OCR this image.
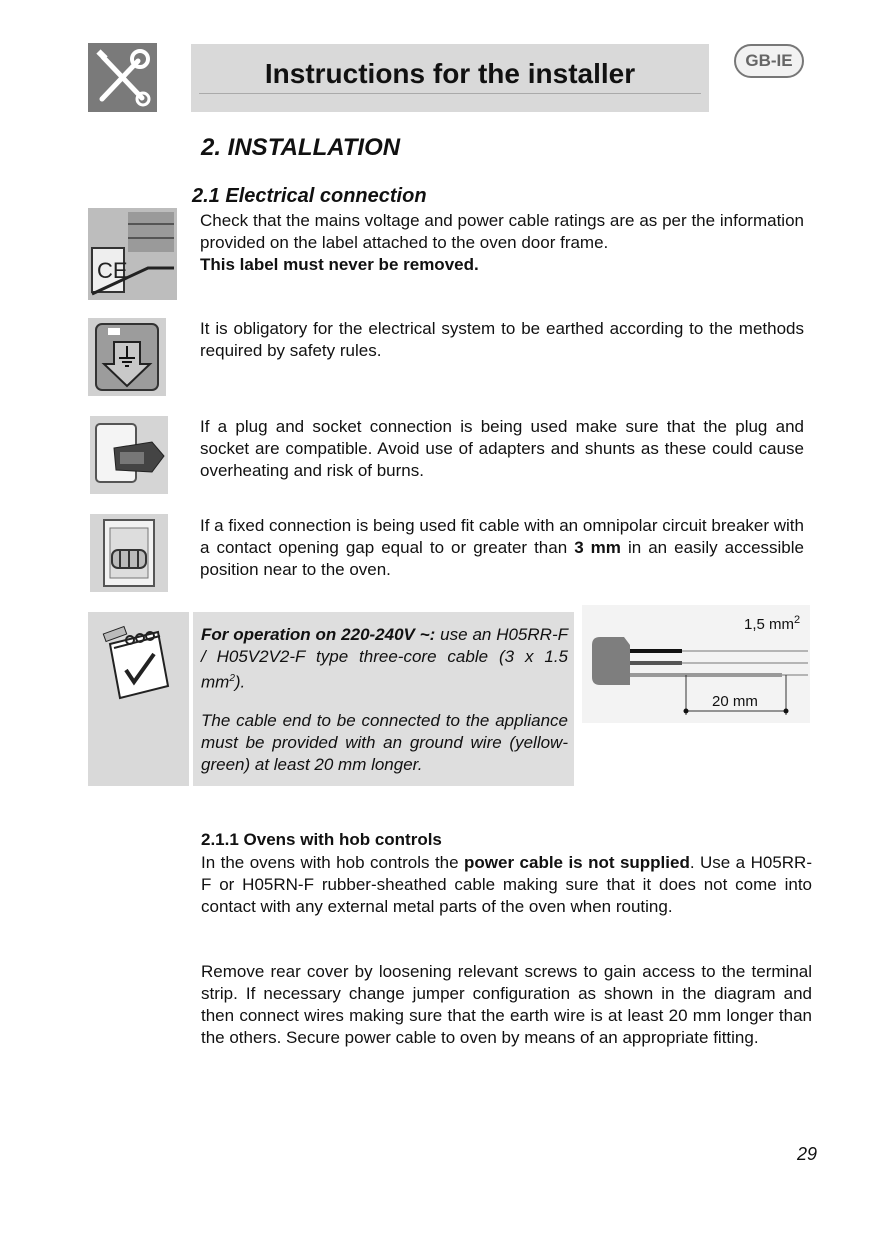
Instructions for the installer	GB-IE
2. INSTALLATION
2.1 Electrical connection
CE
Check that the mains voltage and power cable ratings are as per the information provided on the label attached to the oven door frame.
This label must never be removed.
It is obligatory for the electrical system to be earthed according to the methods required by safety rules.
If a plug and socket connection is being used make sure that the plug and socket are compatible. Avoid use of adapters and shunts as these could cause overheating and risk of burns.
If a fixed connection is being used fit cable with an omnipolar circuit breaker with a contact opening gap equal to or greater than 3 mm in an easily accessible position near to the oven.
For operation on 220-240V ~: use an H05RR-F / H05V2V2-F type three-core cable (3 x 1.5 $mm^2$).
The cable end to be connected to the appliance must be provided with an ground wire (yellow-green) at least 20 mm longer.
1,5 $mm^2$
20 mm
2.1.1 Ovens with hob controls
In the ovens with hob controls the power cable is not supplied. Use a H05RR-F or H05RN-F rubber-sheathed cable making sure that it does not come into contact with any external metal parts of the oven when routing.
Remove rear cover by loosening relevant screws to gain access to the terminal strip. If necessary change jumper configuration as shown in the diagram and then connect wires making sure that the earth wire is at least 20 mm longer than the others. Secure power cable to oven by means of an appropriate fitting.
29
